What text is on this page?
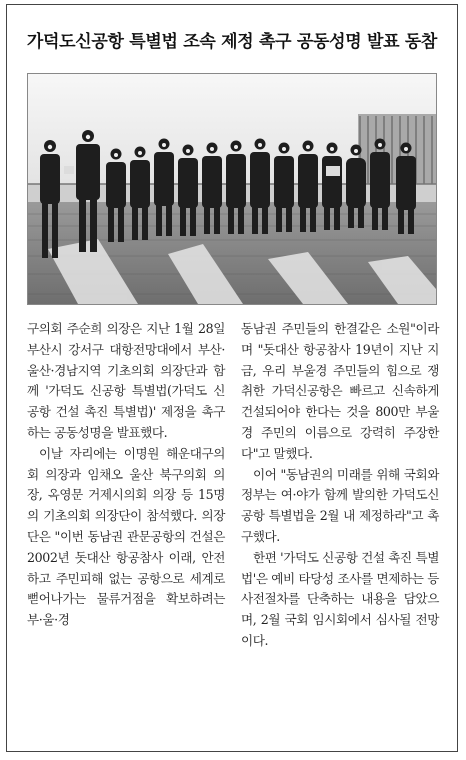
가덕도신공항 특별법 조속 제정 촉구 공동성명 발표 동참

구의회 주순희 의장은 지난 1월 28일 부산시 강서구 대항전망대에서 부산·울산·경남지역 기초의회 의장단과 함께 '가덕도 신공항 특별법(가덕도 신공항 건설 촉진 특별법)' 제정을 촉구하는 공동성명을 발표했다.

이날 자리에는 이명원 해운대구의회 의장과 임채오 울산 북구의회 의장, 옥영문 거제시의회 의장 등 15명의 기초의회 의장단이 참석했다. 의장단은 "이번 동남권 관문공항의 건설은 2002년 돗대산 항공참사 이래, 안전하고 주민피해 없는 공항으로 세계로 뻗어나가는 물류거점을 확보하려는 부·울·경

동남권 주민들의 한결같은 소원"이라며 "돗대산 항공참사 19년이 지난 지금, 우리 부울경 주민들의 힘으로 쟁취한 가덕신공항은 빠르고 신속하게 건설되어야 한다는 것을 800만 부울경 주민의 이름으로 강력히 주장한다"고 말했다.

이어 "동남권의 미래를 위해 국회와 정부는 여·야가 함께 발의한 가덕도신공항 특별법을 2월 내 제정하라"고 촉구했다.

한편 '가덕도 신공항 건설 촉진 특별법'은 예비 타당성 조사를 면제하는 등 사전절차를 단축하는 내용을 담았으며, 2월 국회 임시회에서 심사될 전망이다.
